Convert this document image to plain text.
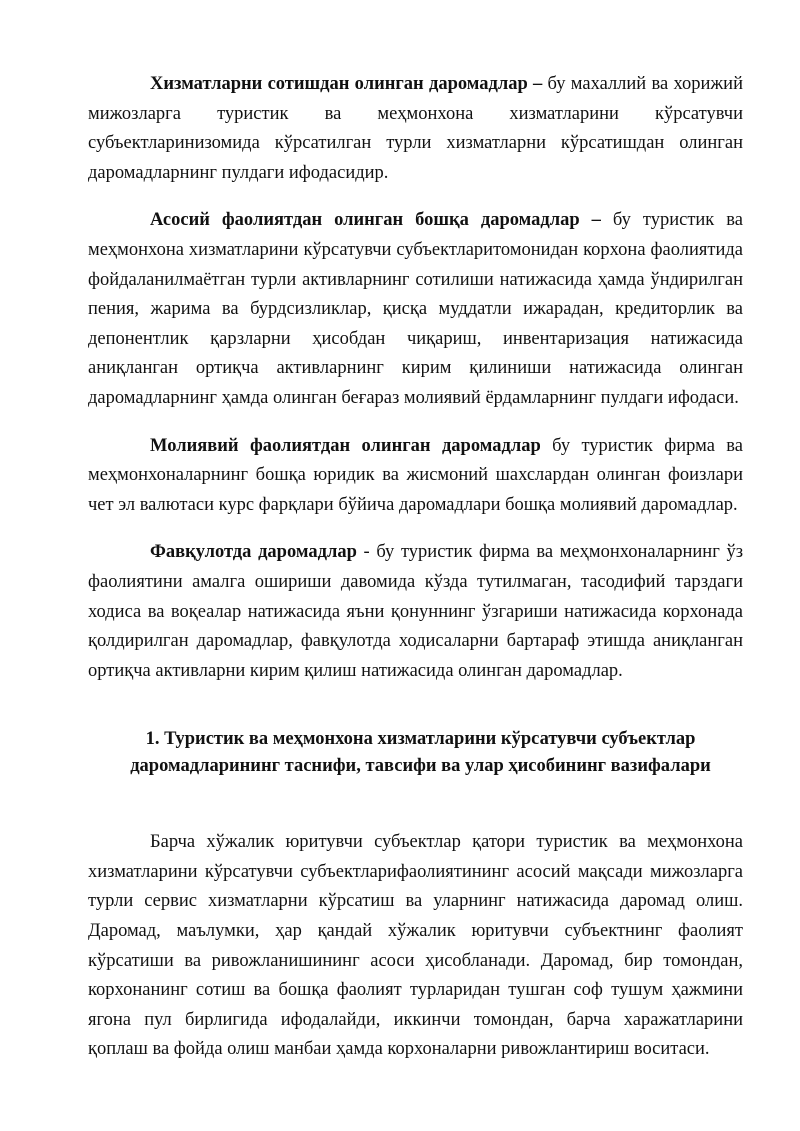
Хизматларни сотишдан олинган даромадлар – бу махаллий ва хорижий мижозларга туристик ва меҳмонхона хизматларини кўрсатувчи субъектларинизомида кўрсатилган турли хизматларни кўрсатишдан олинган даромадларнинг пулдаги ифодасидир.

Асосий фаолиятдан олинган бошқа даромадлар – бу туристик ва меҳмонхона хизматларини кўрсатувчи субъектларитомонидан корхона фаолиятида фойдаланилмаётган турли активларнинг сотилиши натижасида ҳамда ўндирилган пения, жарима ва бурдсизликлар, қисқа муддатли ижарадан, кредиторлик ва депонентлик қарзларни ҳисобдан чиқариш, инвентаризация натижасида аниқланган ортиқча активларнинг кирим қилиниши натижасида олинган даромадларнинг ҳамда олинган беғараз молиявий ёрдамларнинг пулдаги ифодаси.

Молиявий фаолиятдан олинган даромадлар бу туристик фирма ва меҳмонхоналарнинг бошқа юридик ва жисмоний шахслардан олинган фоизлари чет эл валютаси курс фарқлари бўйича даромадлари бошқа молиявий даромадлар.

Фавқулотда даромадлар - бу туристик фирма ва меҳмонхоналарнинг ўз фаолиятини амалга ошириши давомида кўзда тутилмаган, тасодифий тарздаги ходиса ва воқеалар натижасида яъни қонуннинг ўзгариши натижасида корхонада қолдирилган даромадлар, фавқулотда ходисаларни бартараф этишда аниқланган ортиқча активларни кирим қилиш натижасида олинган даромадлар.

1. Туристик ва меҳмонхона хизматларини кўрсатувчи субъектлар
даромадларининг таснифи, тавсифи ва улар ҳисобининг вазифалари

Барча хўжалик юритувчи субъектлар қатори туристик ва меҳмонхона хизматларини кўрсатувчи субъектларифаолиятининг асосий мақсади мижозларга турли сервис хизматларни кўрсатиш ва уларнинг натижасида даромад олиш. Даромад, маълумки, ҳар қандай хўжалик юритувчи субъектнинг фаолият кўрсатиши ва ривожланишининг асоси ҳисобланади. Даромад, бир томондан, корхонанинг сотиш ва бошқа фаолият турларидан тушган соф тушум ҳажмини ягона пул бирлигида ифодалайди, иккинчи томондан, барча харажатларини қоплаш ва фойда олиш манбаи ҳамда корхоналарни ривожлантириш воситаси.
